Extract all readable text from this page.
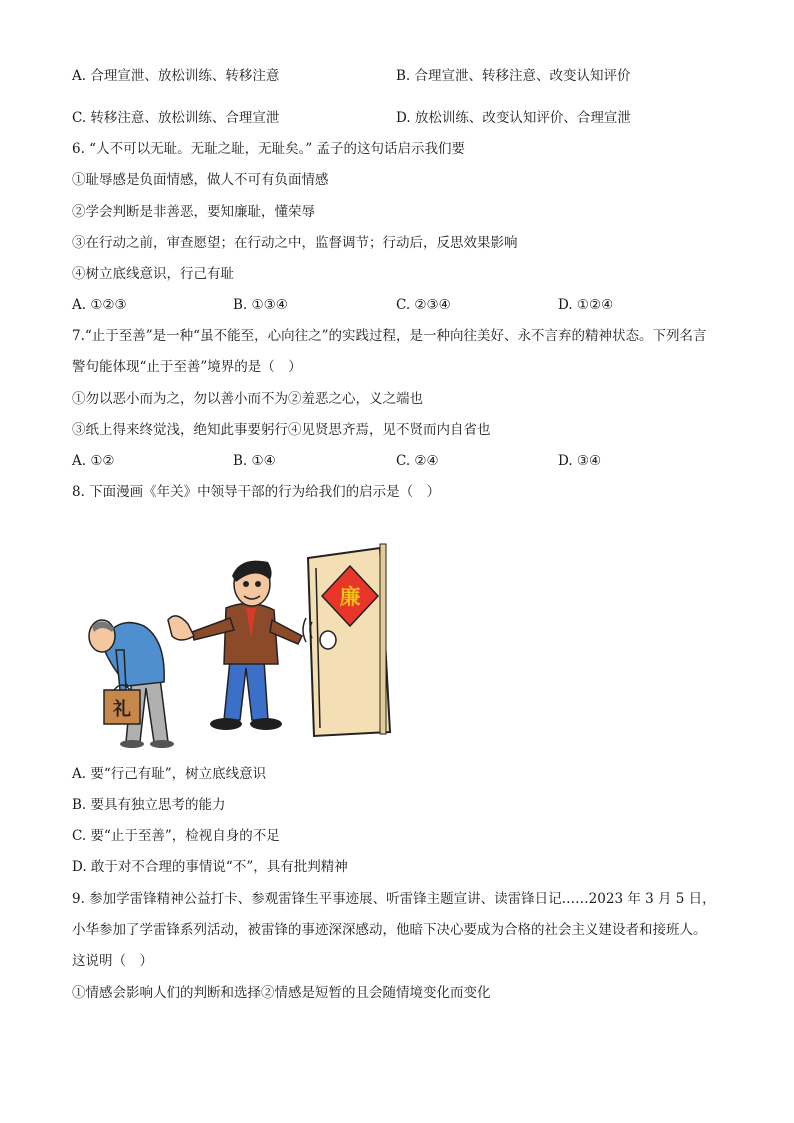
A. 合理宣泄、放松训练、转移注意	B. 合理宣泄、转移注意、改变认知评价
C. 转移注意、放松训练、合理宣泄	D. 放松训练、改变认知评价、合理宣泄
6. “人不可以无耻。无耻之耻，无耻矣。” 孟子的这句话启示我们要
①耻辱感是负面情感，做人不可有负面情感
②学会判断是非善恶，要知廉耻，懂荣辱
③在行动之前，审查愿望；在行动之中，监督调节；行动后，反思效果影响
④树立底线意识，行己有耻
A. ①②③	B. ①③④	C. ②③④	D. ①②④
7.“止于至善”是一种“虽不能至，心向往之”的实践过程，是一种向往美好、永不言弃的精神状态。下列名言
警句能体现“止于至善”境界的是（　）
①勿以恶小而为之，勿以善小而不为②羞恶之心，义之端也
③纸上得来终觉浅，绝知此事要躬行④见贤思齐焉，见不贤而内自省也
A. ①②	B. ①④	C. ②④	D. ③④
8. 下面漫画《年关》中领导干部的行为给我们的启示是（　）
廉
礼
A. 要“行己有耻”，树立底线意识
B. 要具有独立思考的能力
C. 要“止于至善”，检视自身的不足
D. 敢于对不合理的事情说“不”，具有批判精神
9. 参加学雷锋精神公益打卡、参观雷锋生平事迹展、听雷锋主题宣讲、读雷锋日记……2023 年 3 月 5 日，
小华参加了学雷锋系列活动，被雷锋的事迹深深感动，他暗下决心要成为合格的社会主义建设者和接班人。
这说明（　）
①情感会影响人们的判断和选择②情感是短暂的且会随情境变化而变化
